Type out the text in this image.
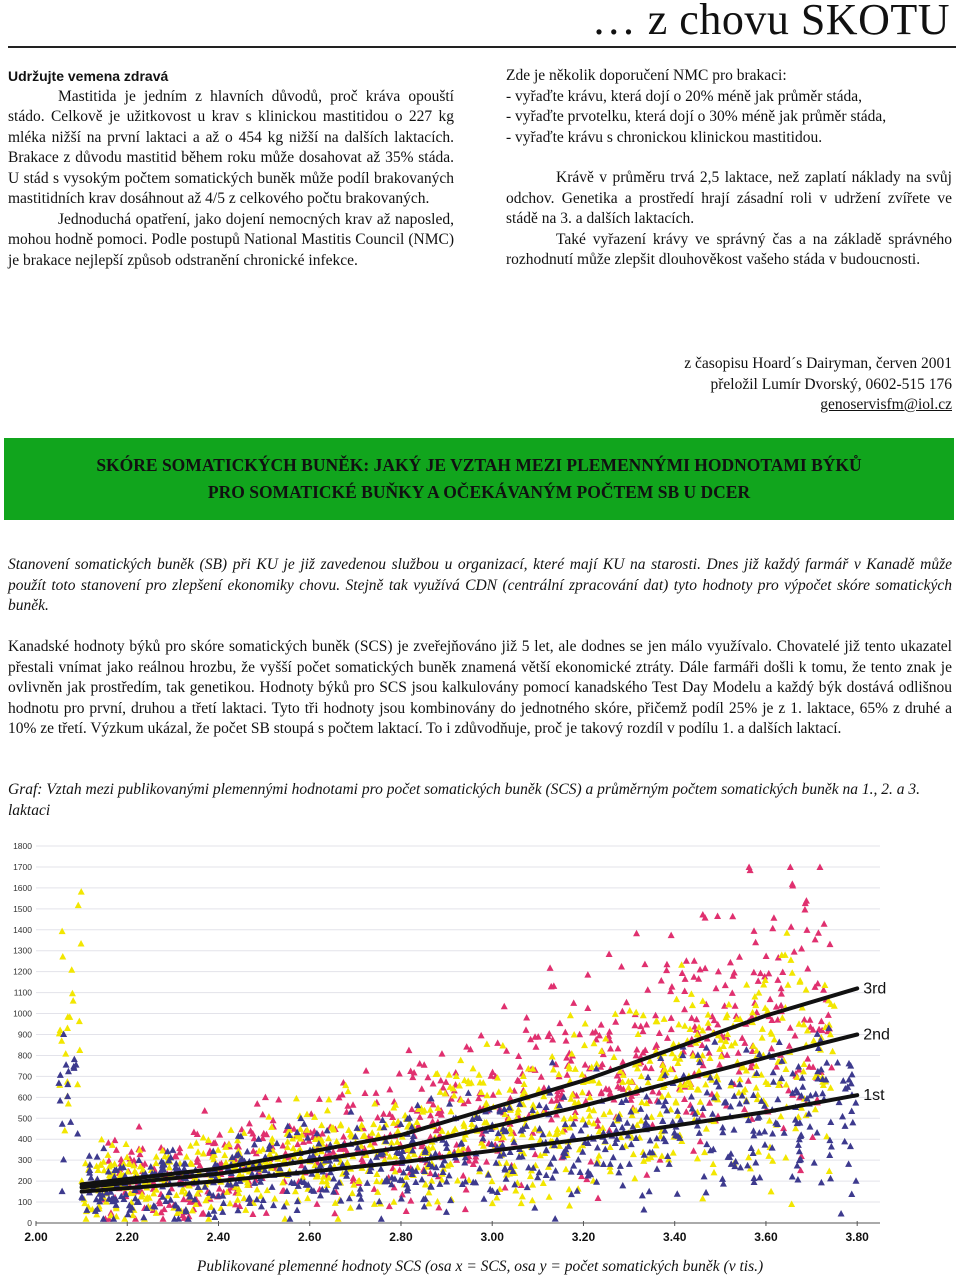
… z chovu SKOTU
Udržujte vemena zdravá

Mastitida je jedním z hlavních důvodů, proč kráva opouští stádo. Celkově je užitkovost u krav s klinickou mastitidou o 227 kg mléka nižší na první laktaci a až o 454 kg nižší na dalších laktacích. Brakace z důvodu mastitid během roku může dosahovat až 35% stáda. U stád s vysokým počtem somatických buněk může podíl brakovaných mastitidních krav dosáhnout až 4/5 z celkového počtu brakovaných.

Jednoduchá opatření, jako dojení nemocných krav až naposled, mohou hodně pomoci. Podle postupů National Mastitis Council (NMC) je brakace nejlepší způsob odstranění chronické infekce.

Zde je několik doporučení NMC pro brakaci:

- vyřaďte krávu, která dojí o 20% méně jak průměr stáda,

- vyřaďte prvotelku, která dojí o 30% méně jak průměr stáda,

- vyřaďte krávu s chronickou klinickou mastitidou.

Krávě v průměru trvá 2,5 laktace, než zaplatí náklady na svůj odchov. Genetika a prostředí hrají zásadní roli v udržení zvířete ve stádě na 3. a dalších laktacích.

Také vyřazení krávy ve správný čas a na základě správného rozhodnutí může zlepšit dlouhověkost vašeho stáda v budoucnosti.

z časopisu Hoard´s Dairyman, červen 2001
přeložil Lumír Dvorský, 0602-515 176
genoservisfm@iol.cz
SKÓRE SOMATICKÝCH BUNĚK: JAKÝ JE VZTAH MEZI PLEMENNÝMI HODNOTAMI BÝKŮ
PRO SOMATICKÉ BUŇKY A OČEKÁVANÝM POČTEM SB U DCER

Stanovení somatických buněk (SB) při KU je již zavedenou službou u organizací, které mají KU na starosti. Dnes již každý farmář v Kanadě může použít toto stanovení pro zlepšení ekonomiky chovu. Stejně tak využívá CDN (centrální zpracování dat) tyto hodnoty pro výpočet skóre somatických buněk.

Kanadské hodnoty býků pro skóre somatických buněk (SCS) je zveřejňováno již 5 let, ale dodnes se jen málo využívalo. Chovatelé již tento ukazatel přestali vnímat jako reálnou hrozbu, že vyšší počet somatických buněk znamená větší ekonomické ztráty. Dále farmáři došli k tomu, že tento znak je ovlivněn jak prostředím, tak genetikou. Hodnoty býků pro SCS jsou kalkulovány pomocí kanadského Test Day Modelu a každý býk dostává odlišnou hodnotu pro první, druhou a třetí laktaci. Tyto tři hodnoty jsou kombinovány do jednotného skóre, přičemž podíl 25% je z 1. laktace, 65% z druhé a 10% ze třetí. Výzkum ukázal, že počet SB stoupá s počtem laktací. To i zdůvodňuje, proč je takový rozdíl v podílu 1. a dalších laktací.

Graf: Vztah mezi publikovanými plemennými hodnotami pro počet somatických buněk (SCS) a průměrným počtem somatických buněk na 1., 2. a 3. laktaci

0
100
200
300
400
500
600
700
800
900
1000
1100
1200
1300
1400
1500
1600
1700
1800
2.00	2.20	2.40	2.60	2.80	3.00	3.20	3.40	3.60	3.80
1st
2nd
3rd

Publikované plemenné hodnoty SCS (osa x = SCS, osa y = počet somatických buněk (v tis.)
